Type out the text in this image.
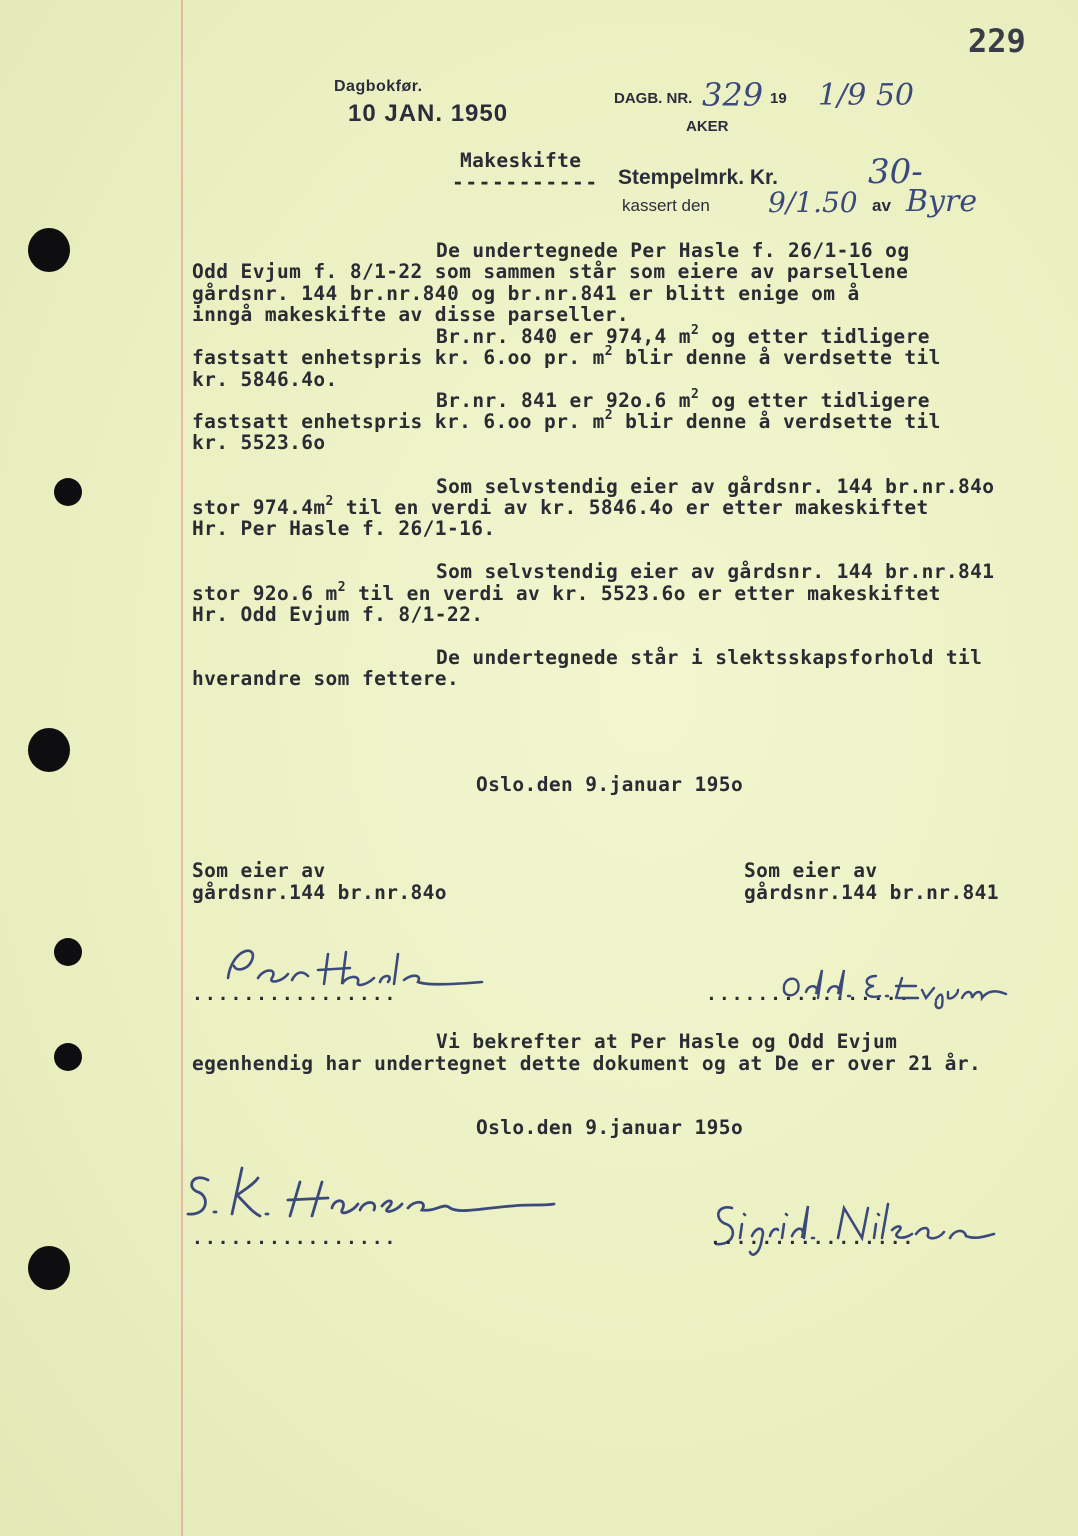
229
Dagbokfør.
10 JAN. 1950
DAGB. NR. 329 19 1/9 50
AKER
Makeskifte
----------- Stempelmrk. Kr.	30-
kassert den 9/1.50 av Byre
De undertegnede Per Hasle f. 26/1-16 og
Odd Evjum f. 8/1-22 som sammen står som eiere av parsellene
gårdsnr. 144 br.nr.840 og br.nr.841 er blitt enige om å
inngå makeskifte av disse parseller.
Br.nr. 840 er 974,4 $m^2$ og etter tidligere
fastsatt enhetspris kr. 6.oo pr. $m^2$ blir denne å verdsette til
kr. 5846.4o.
Br.nr. 841 er 92o.6 $m^2$ og etter tidligere
fastsatt enhetspris kr. 6.oo pr. $m^2$ blir denne å verdsette til
kr. 5523.6o
Som selvstendig eier av gårdsnr. 144 br.nr.84o
stor $974.4m^2$ til en verdi av kr. 5846.4o er etter makeskiftet
Hr. Per Hasle f. 26/1-16.
Som selvstendig eier av gårdsnr. 144 br.nr.841
stor 92o.6 $m^2$ til en verdi av kr. 5523.6o er etter makeskiftet
Hr. Odd Evjum f. 8/1-22.
De undertegnede står i slektsskapsforhold til
hverandre som fettere.
Oslo.den 9.januar 195o
Som eier av
gårdsnr.144 br.nr.84o
Som eier av
gårdsnr.144 br.nr.841
................	................
Vi bekrefter at Per Hasle og Odd Evjum
egenhendig har undertegnet dette dokument og at De er over 21 år.
Oslo.den 9.januar 195o
................	................
